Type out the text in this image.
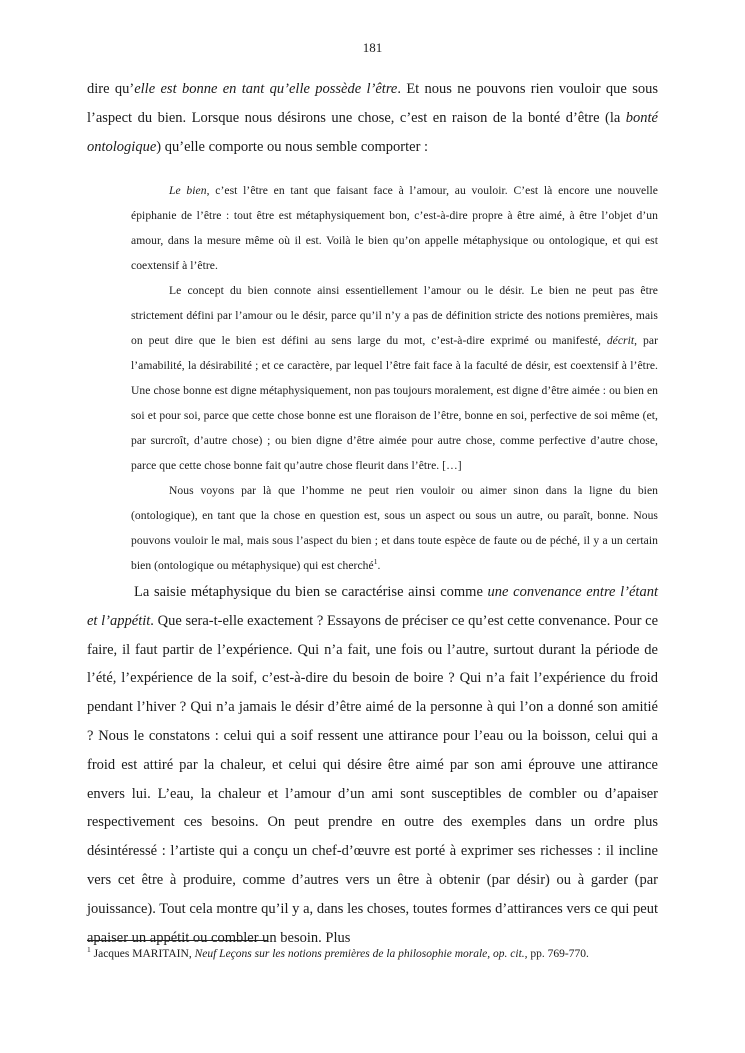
181

dire qu’elle est bonne en tant qu’elle possède l’être. Et nous ne pouvons rien vouloir que sous l’aspect du bien. Lorsque nous désirons une chose, c’est en raison de la bonté d’être (la bonté ontologique) qu’elle comporte ou nous semble comporter :

Le bien, c’est l’être en tant que faisant face à l’amour, au vouloir. C’est là encore une nouvelle épiphanie de l’être : tout être est métaphysiquement bon, c’est-à-dire propre à être aimé, à être l’objet d’un amour, dans la mesure même où il est. Voilà le bien qu’on appelle métaphysique ou ontologique, et qui est coextensif à l’être.

Le concept du bien connote ainsi essentiellement l’amour ou le désir. Le bien ne peut pas être strictement défini par l’amour ou le désir, parce qu’il n’y a pas de définition stricte des notions premières, mais on peut dire que le bien est défini au sens large du mot, c’est-à-dire exprimé ou manifesté, décrit, par l’amabilité, la désirabilité ; et ce caractère, par lequel l’être fait face à la faculté de désir, est coextensif à l’être. Une chose bonne est digne métaphysiquement, non pas toujours moralement, est digne d’être aimée : ou bien en soi et pour soi, parce que cette chose bonne est une floraison de l’être, bonne en soi, perfective de soi même (et, par surcroît, d’autre chose) ; ou bien digne d’être aimée pour autre chose, comme perfective d’autre chose, parce que cette chose bonne fait qu’autre chose fleurit dans l’être. […]

Nous voyons par là que l’homme ne peut rien vouloir ou aimer sinon dans la ligne du bien (ontologique), en tant que la chose en question est, sous un aspect ou sous un autre, ou paraît, bonne. Nous pouvons vouloir le mal, mais sous l’aspect du bien ; et dans toute espèce de faute ou de péché, il y a un certain bien (ontologique ou métaphysique) qui est cherché$^1$.

La saisie métaphysique du bien se caractérise ainsi comme une convenance entre l’étant et l’appétit. Que sera-t-elle exactement ? Essayons de préciser ce qu’est cette convenance. Pour ce faire, il faut partir de l’expérience. Qui n’a fait, une fois ou l’autre, surtout durant la période de l’été, l’expérience de la soif, c’est-à-dire du besoin de boire ? Qui n’a fait l’expérience du froid pendant l’hiver ? Qui n’a jamais le désir d’être aimé de la personne à qui l’on a donné son amitié ? Nous le constatons : celui qui a soif ressent une attirance pour l’eau ou la boisson, celui qui a froid est attiré par la chaleur, et celui qui désire être aimé par son ami éprouve une attirance envers lui. L’eau, la chaleur et l’amour d’un ami sont susceptibles de combler ou d’apaiser respectivement ces besoins. On peut prendre en outre des exemples dans un ordre plus désintéressé : l’artiste qui a conçu un chef-d’œuvre est porté à exprimer ses richesses : il incline vers cet être à produire, comme d’autres vers un être à obtenir (par désir) ou à garder (par jouissance). Tout cela montre qu’il y a, dans les choses, toutes formes d’attirances vers ce qui peut apaiser un appétit ou combler un besoin. Plus

$^1$ Jacques MARITAIN, Neuf Leçons sur les notions premières de la philosophie morale, op. cit., pp. 769-770.
